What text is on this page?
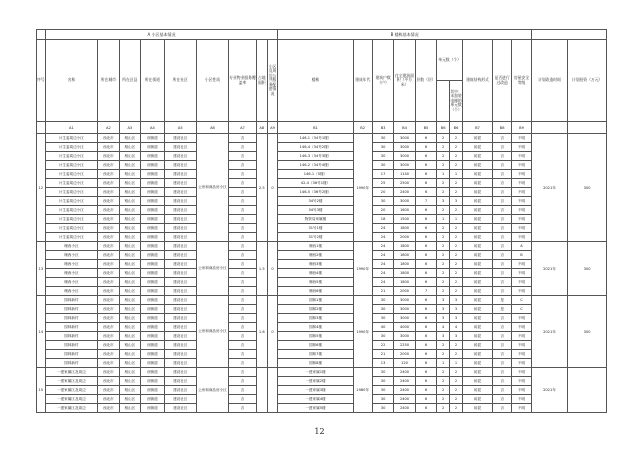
	A 小区基本情况									B 楼栋基本情况											
序号	名称	所在城市	所在区县	所在街道	所在社区	小区性质	专业物业服务覆盖率	占地面积	小区及周边公共服务配套情况	楼栋	建成年代	建筑户数（户）	住宅建筑面积（平方米）	层数（层）	单元数（个）		建筑结构形式	是否进行过改造	房屋安全等级	计划改造时间	计划投资（万元）
																其中：未加装电梯的单元数（个）					
	A1	A2	A3	A4	A5	A6	A7	A8	A9	B1	B2	B3	B4	B5	B6	B6	B7	B8	B9		
12	计生委周边小区	西北市	相山区	西街道	建设社区	公房和商品房小区	否	2.5	0	146-1（34号1楼）	1990年	30	3000	6	2	2	砖混	否	不明	2021年	300
	计生委周边小区	西北市	相山区	西街道	建设社区		否			146-4（34号2楼）		30	3000	6	2	2	砖混	否	不明		
	计生委周边小区	西北市	相山区	西街道	建设社区		否			146-3（34号3楼）		30	3000	6	2	2	砖混	否	不明		
	计生委周边小区	西北市	相山区	西街道	建设社区		否			146-2（34号4楼）		30	3000	6	2	2	砖混	否	不明		
	计生委周边小区	西北市	相山区	西街道	建设社区		否			146-1（5楼）		17	1140	6	1	1	砖混	否	不明		
	计生委周边小区	西北市	相山区	西街道	建设社区		否			42-4（36号1楼）		25	2500	6	2	2	砖混	否	不明		
	计生委周边小区	西北市	相山区	西街道	建设社区		否			146-5（36号2楼）		20	2400	6	2	2	砖混	否	不明		
	计生委周边小区	西北市	相山区	西街道	建设社区		否			34号2楼		30	3000	7	3	3	砖混	否	不明		
	计生委周边小区	西北市	相山区	西街道	建设社区		否			34号3楼		20	1600	6	2	2	砖混	否	不明		
	计生委周边小区	西北市	相山区	西街道	建设社区		否			物资局家属楼		18	1500	6	1	1	砖混	否	不明		
	计生委周边小区	西北市	相山区	西街道	建设社区		否			31号1楼		24	1800	6	2	2	砖混	否	不明		
	计生委周边小区	西北市	相山区	西街道	建设社区		否			31号2楼		24	2000	6	2	2	砖混	否	不明		
13	珊西小区	西北市	相山区	西街道	建设社区	公房和商品房小区	否	1.5	0	珊西1楼	1990年	24	1800	6	2	2	砖混	否	A	2021年	300
	珊西小区	西北市	相山区	西街道	建设社区		否			珊西2楼		24	1800	6	2	2	砖混	否	B		
	珊西小区	西北市	相山区	西街道	建设社区		否			珊西3楼		24	1800	6	2	2	砖混	否	不明		
	珊西小区	西北市	相山区	西街道	建设社区		否			珊西4楼		24	1800	6	2	2	砖混	否	不明		
	珊西小区	西北市	相山区	西街道	建设社区		否			珊西5楼		24	1800	6	2	2	砖混	否	不明		
	珊西小区	西北市	相山区	西街道	建设社区		否			珊西6楼		21	2000	7	2	2	砖混	否	不明		
14	园林新村	西北市	相山区	西街道	建设社区	公房和商品房小区	否	1.6	0	园林1楼	1990年	30	3000	6	3	3	砖混	是	C	2021年	300
	园林新村	西北市	相山区	西街道	建设社区		否			园林2楼		30	3000	6	3	3	砖混	是	C		
	园林新村	西北市	相山区	西街道	建设社区		否			园林3楼		30	3000	6	3	3	砖混	否	不明		
	园林新村	西北市	相山区	西街道	建设社区		否			园林4楼		40	4000	6	4	4	砖混	否	不明		
	园林新村	西北市	相山区	西街道	建设社区		否			园林5楼		30	3000	6	3	3	砖混	否	不明		
	园林新村	西北市	相山区	西街道	建设社区		否			园林6楼		22	2250	6	2	2	砖混	否	不明		
	园林新村	西北市	相山区	西街道	建设社区		否			园林7楼		21	2000	6	2	2	砖混	否	不明		
	园林新村	西北市	相山区	西街道	建设社区		否			园林8楼		13	120	6	1	1	砖混	否	不明		
15	一建家属区及周边	西北市	相山区	西街道	建设社区	公房和商品房小区	否			一建家属1楼	1980年	30	2400	6	2	2	砖混	否	不明	2021年	
	一建家属区及周边	西北市	相山区	西街道	建设社区		否			一建家属2楼		30	2400	6	2	2	砖混	否	不明		
	一建家属区及周边	西北市	相山区	西街道	建设社区		否			一建家属3楼		30	2400	6	2	2	砖混	否	不明		
	一建家属区及周边	西北市	相山区	西街道	建设社区		否			一建家属4楼		30	2400	6	2	2	砖混	否	不明		
	一建家属区及周边	西北市	相山区	西街道	建设社区		否			一建家属5楼		30	2400	6	2	2	砖混	否	不明		
12
